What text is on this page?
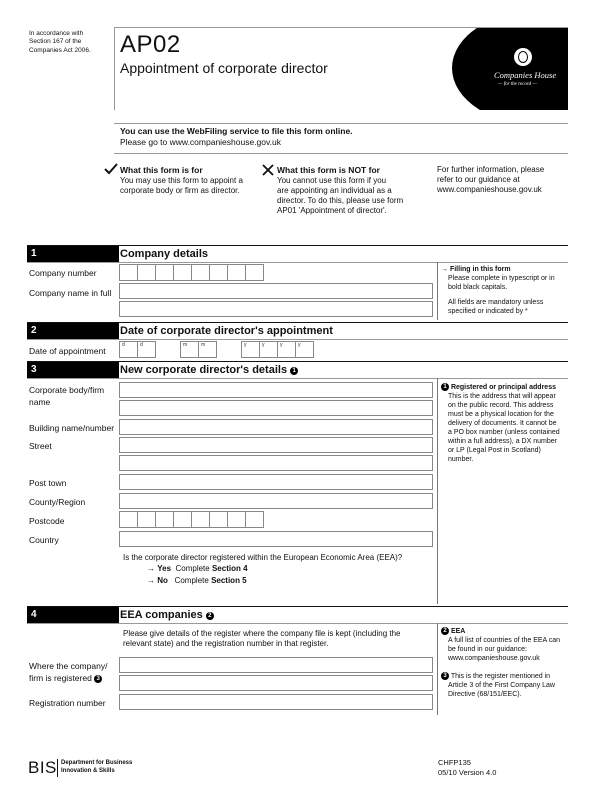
In accordance with
Section 167 of the
Companies Act 2006. AP02
Appointment of corporate director	Companies House
— for the record —
You can use the WebFiling service to file this form online.
Please go to www.companieshouse.gov.uk
What this form is for
You may use this form to appoint a
corporate body or firm as director.
What this form is NOT for
You cannot use this form if you
are appointing an individual as a
director. To do this, please use form
AP01 'Appointment of director'.
For further information, please
refer to our guidance at
www.companieshouse.gov.uk
1	Company details
Company number
Company name in full
→ Filling in this form
Please complete in typescript or in
bold black capitals.
All fields are mandatory unless
specified or indicated by *
2	Date of corporate director's appointment
Date of appointment
d	d	m	m	y	y	y	y
3	New corporate director's details 1
Corporate body/firm
name
Building name/number
Street
Post town
County/Region
Postcode
Country
Is the corporate director registered within the European Economic Area (EEA)?
→ Yes Complete Section 4
→ No Complete Section 5
1 Registered or principal address
This is the address that will appear
on the public record. This address
must be a physical location for the
delivery of documents. It cannot be
a PO box number (unless contained
within a full address), a DX number
or LP (Legal Post in Scotland)
number.
4	EEA companies 2
Please give details of the register where the company file is kept (including the
relevant state) and the registration number in that register.
Where the company/
firm is registered 3
Registration number
2 EEA
A full list of countries of the EEA can
be found in our guidance:
www.companieshouse.gov.uk
3 This is the register mentioned in
Article 3 of the First Company Law
Directive (68/151/EEC).
BIS Department for Business
Innovation & Skills
CHFP135
05/10 Version 4.0
